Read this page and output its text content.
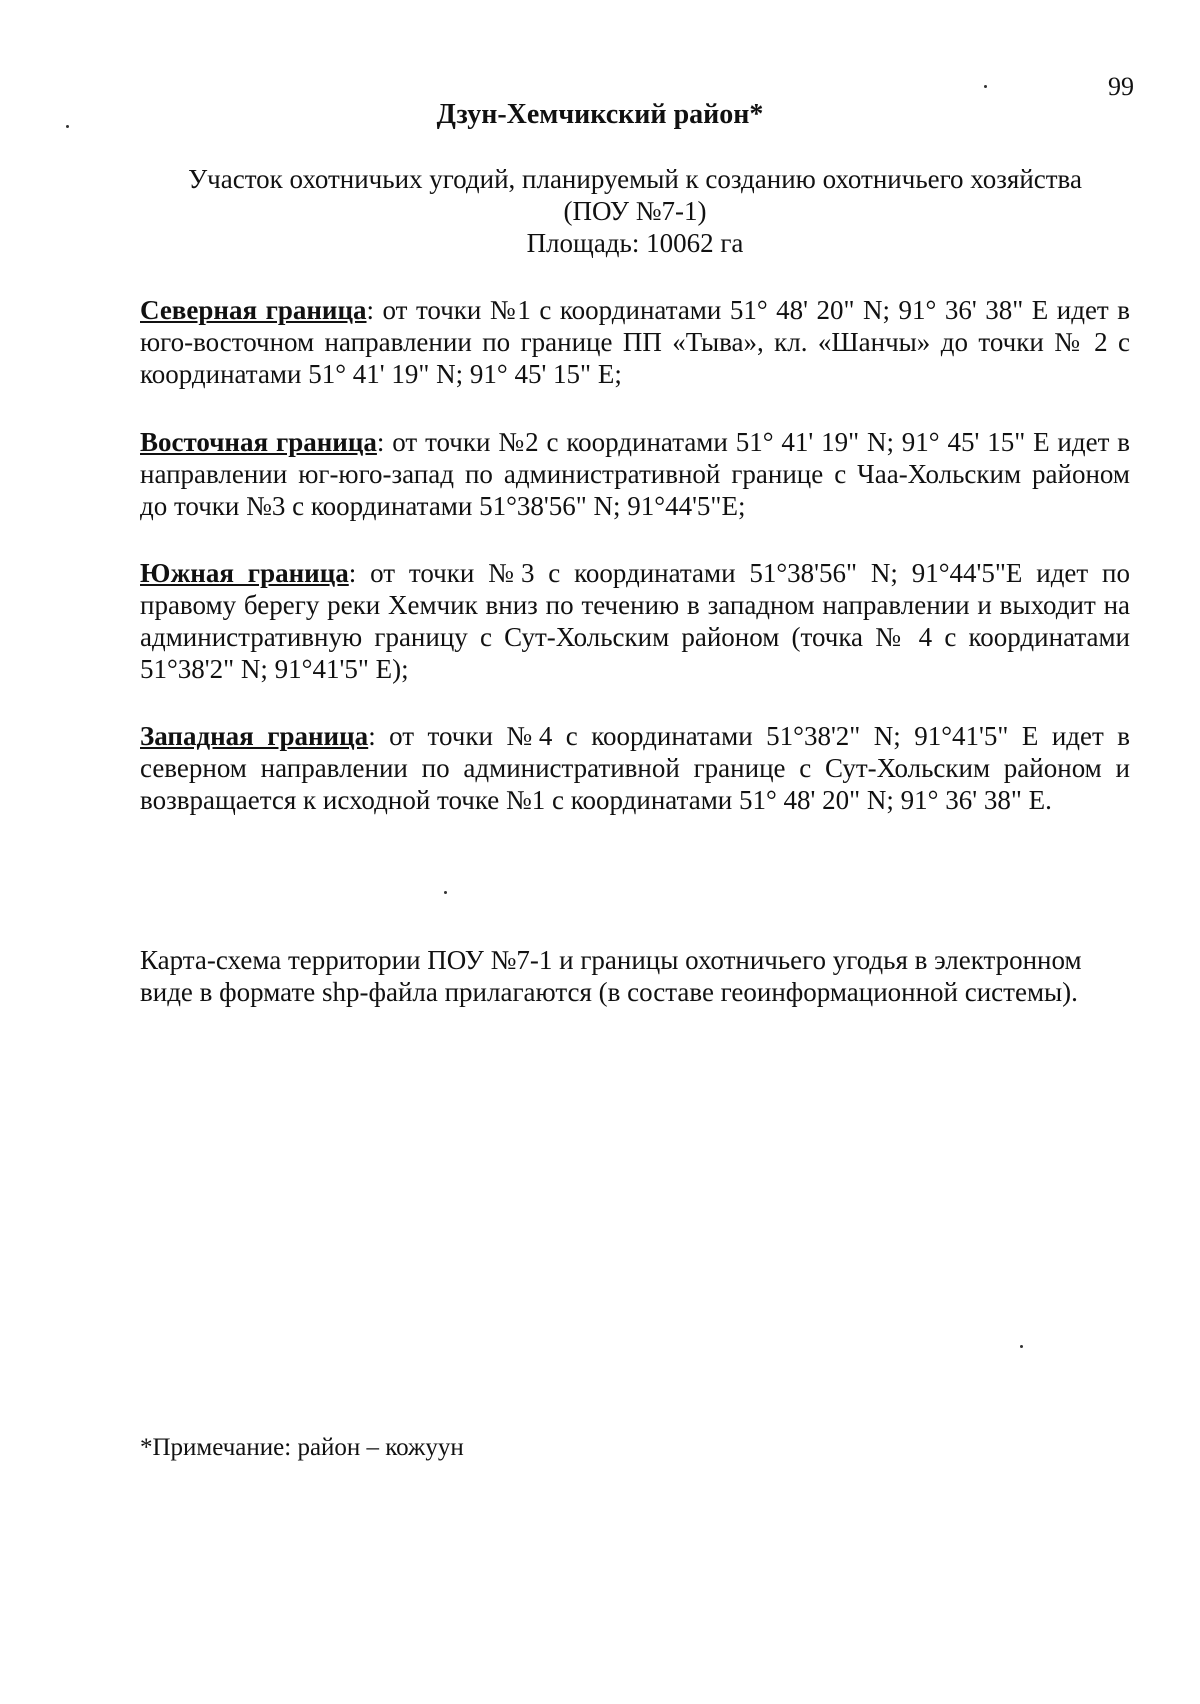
99
Дзун-Хемчикский район*
Участок охотничьих угодий, планируемый к созданию охотничьего хозяйства
(ПОУ №7-1)
Площадь: 10062 га
Северная граница: от точки №1 с координатами 51° 48' 20" N; 91° 36' 38" E идет в юго-восточном направлении по границе ПП «Тыва», кл. «Шанчы» до точки № 2 с координатами 51° 41' 19" N; 91° 45' 15" E;
Восточная граница: от точки №2 с координатами 51° 41' 19" N; 91° 45' 15" E идет в направлении юг-юго-запад по административной границе с Чаа-Хольским районом до точки №3 с координатами 51°38'56" N; 91°44'5"E;
Южная граница: от точки №3 с координатами 51°38'56" N; 91°44'5"E идет по правому берегу реки Хемчик вниз по течению в западном направлении и выходит на административную границу с Сут-Хольским районом (точка № 4 с координатами 51°38'2" N; 91°41'5" E);
Западная граница: от точки №4 с координатами 51°38'2" N; 91°41'5" E идет в северном направлении по административной границе с Сут-Хольским районом и возвращается к исходной точке №1 с координатами 51° 48' 20" N; 91° 36' 38" E.
Карта-схема территории ПОУ №7-1 и границы охотничьего угодья в электронном виде в формате shp-файла прилагаются (в составе геоинформационной системы).
*Примечание: район – кожуун
